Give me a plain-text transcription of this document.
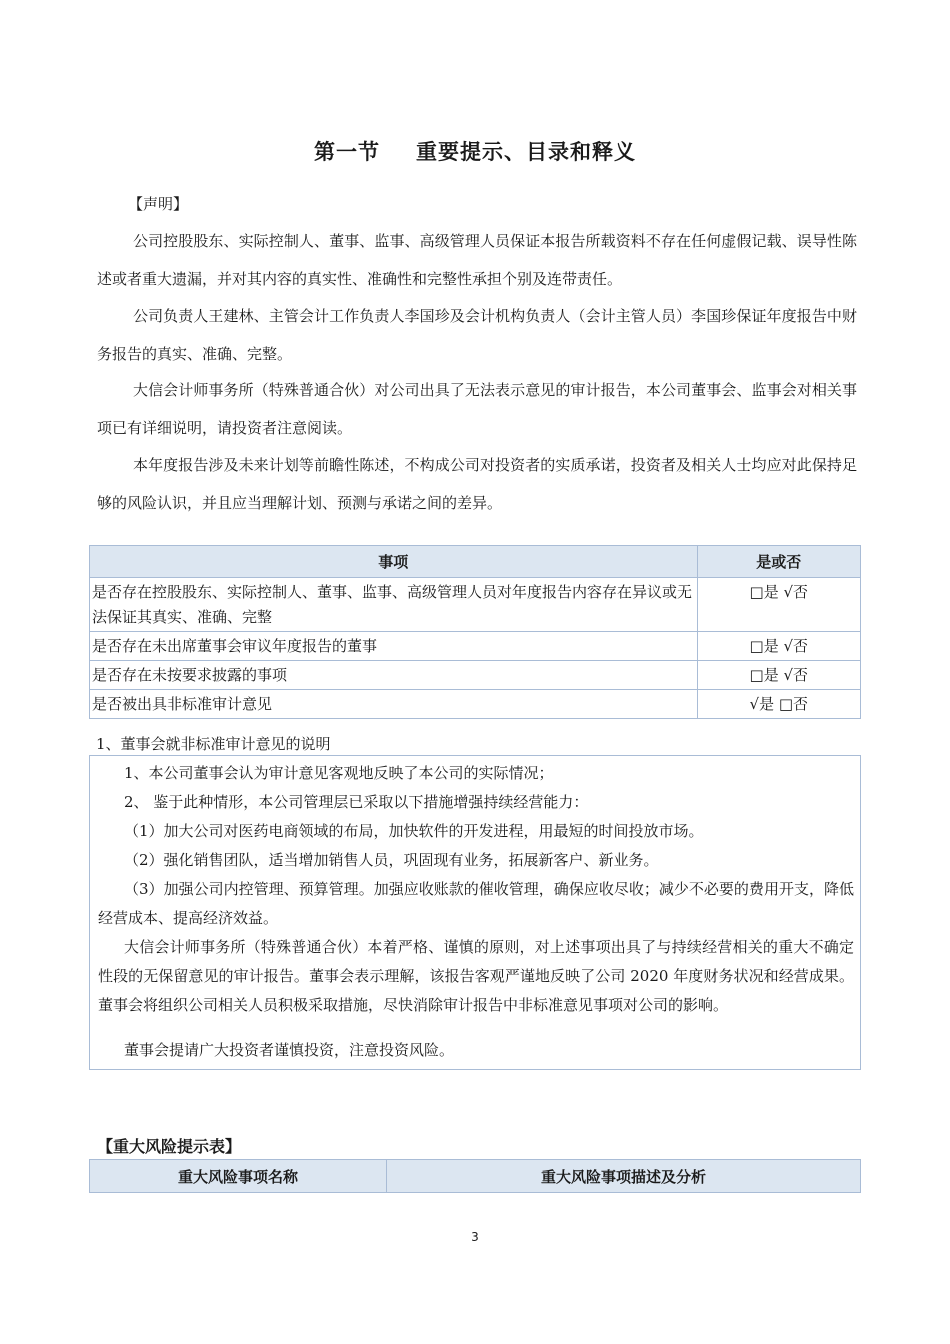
第一节 重要提示、目录和释义
【声明】

公司控股股东、实际控制人、董事、监事、高级管理人员保证本报告所载资料不存在任何虚假记载、误导性陈述或者重大遗漏，并对其内容的真实性、准确性和完整性承担个别及连带责任。

公司负责人王建林、主管会计工作负责人李国珍及会计机构负责人（会计主管人员）李国珍保证年度报告中财务报告的真实、准确、完整。

大信会计师事务所（特殊普通合伙）对公司出具了无法表示意见的审计报告，本公司董事会、监事会对相关事项已有详细说明，请投资者注意阅读。

本年度报告涉及未来计划等前瞻性陈述，不构成公司对投资者的实质承诺，投资者及相关人士均应对此保持足够的风险认识，并且应当理解计划、预测与承诺之间的差异。

事项	是或否
是否存在控股股东、实际控制人、董事、监事、高级管理人员对年度报告内容存在异议或无法保证其真实、准确、完整	□是 √否
是否存在未出席董事会审议年度报告的董事	□是 √否
是否存在未按要求披露的事项	□是 √否
是否被出具非标准审计意见	√是 □否
1、董事会就非标准审计意见的说明
1、本公司董事会认为审计意见客观地反映了本公司的实际情况；
2、 鉴于此种情形，本公司管理层已采取以下措施增强持续经营能力：
（1）加大公司对医药电商领域的布局，加快软件的开发进程，用最短的时间投放市场。
（2）强化销售团队，适当增加销售人员，巩固现有业务，拓展新客户、新业务。
（3）加强公司内控管理、预算管理。加强应收账款的催收管理，确保应收尽收；减少不必要的费用开支，降低经营成本、提高经济效益。
大信会计师事务所（特殊普通合伙）本着严格、谨慎的原则，对上述事项出具了与持续经营相关的重大不确定性段的无保留意见的审计报告。董事会表示理解，该报告客观严谨地反映了公司 2020 年度财务状况和经营成果。董事会将组织公司相关人员积极采取措施，尽快消除审计报告中非标准意见事项对公司的影响。
董事会提请广大投资者谨慎投资，注意投资风险。
【重大风险提示表】
重大风险事项名称	重大风险事项描述及分析
3
